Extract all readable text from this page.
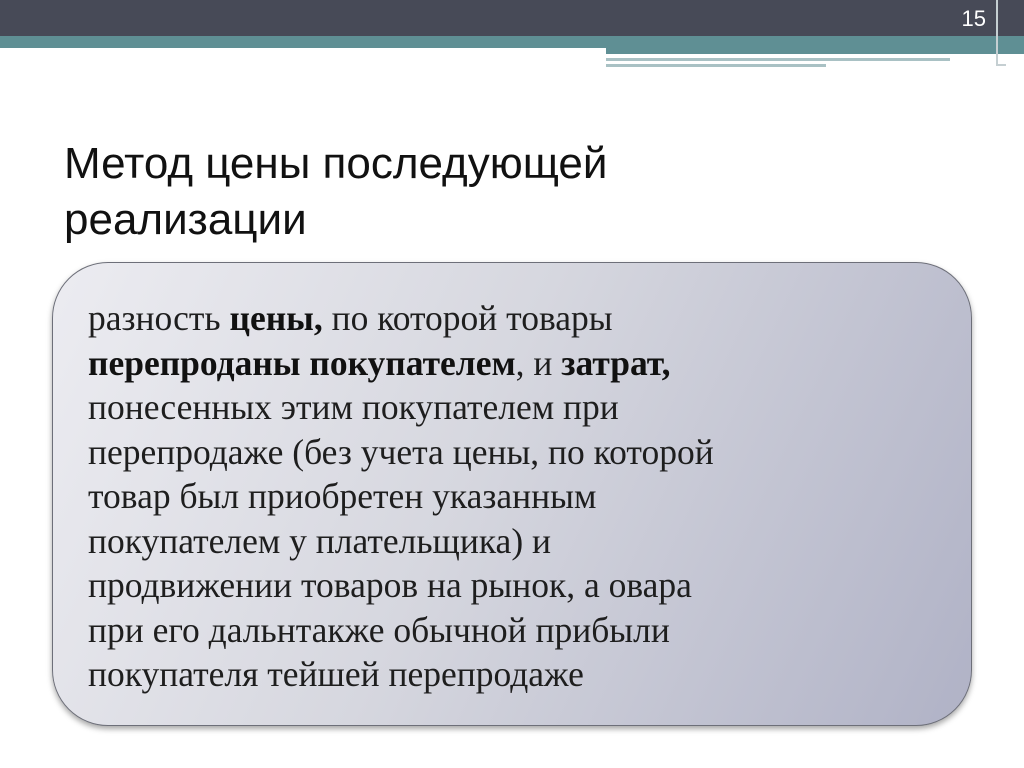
15
Метод цены последующей
реализации

разность цены, по которой товары
перепроданы покупателем, и затрат,
понесенных этим покупателем при
перепродаже (без учета цены, по которой
товар был приобретен указанным
покупателем у плательщика) и
продвижении товаров на рынок, а овара
при его дальнтакже обычной прибыли
покупателя тейшей перепродаже
